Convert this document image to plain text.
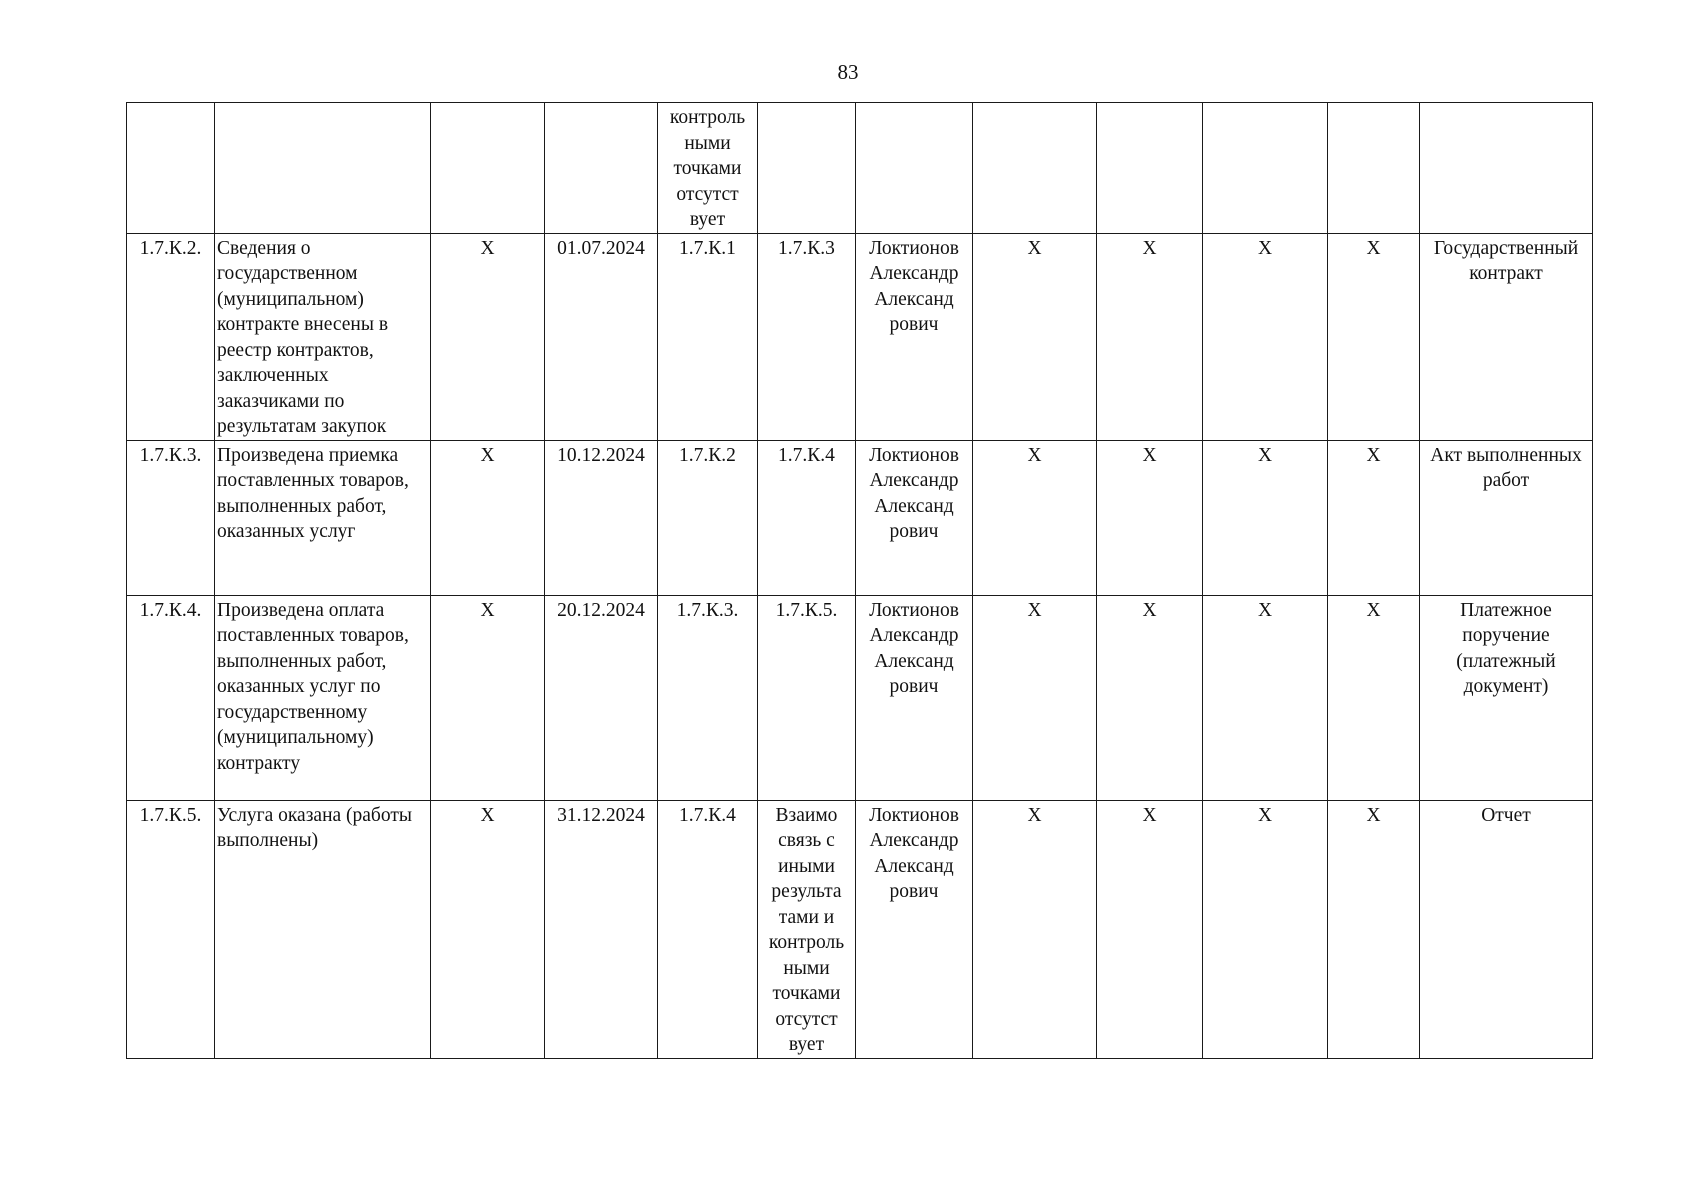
83
				контроль ными точками отсутст вует							
1.7.К.2.	Сведения о государственном (муниципальном) контракте внесены в реестр контрактов, заключенных заказчиками по результатам закупок	X	01.07.2024	1.7.К.1	1.7.К.3	Локтионов Александр Александ рович	X	X	X	X	Государственный контракт
1.7.К.3.	Произведена приемка поставленных товаров, выполненных работ, оказанных услуг	X	10.12.2024	1.7.К.2	1.7.К.4	Локтионов Александр Александ рович	X	X	X	X	Акт выполненных работ
1.7.К.4.	Произведена оплата поставленных товаров, выполненных работ, оказанных услуг по государственному (муниципальному) контракту	X	20.12.2024	1.7.К.3.	1.7.К.5.	Локтионов Александр Александ рович	X	X	X	X	Платежное поручение (платежный документ)
1.7.К.5.	Услуга оказана (работы выполнены)	X	31.12.2024	1.7.К.4	Взаимо связь с иными результа тами и контроль ными точками отсутст вует	Локтионов Александр Александ рович	X	X	X	X	Отчет
